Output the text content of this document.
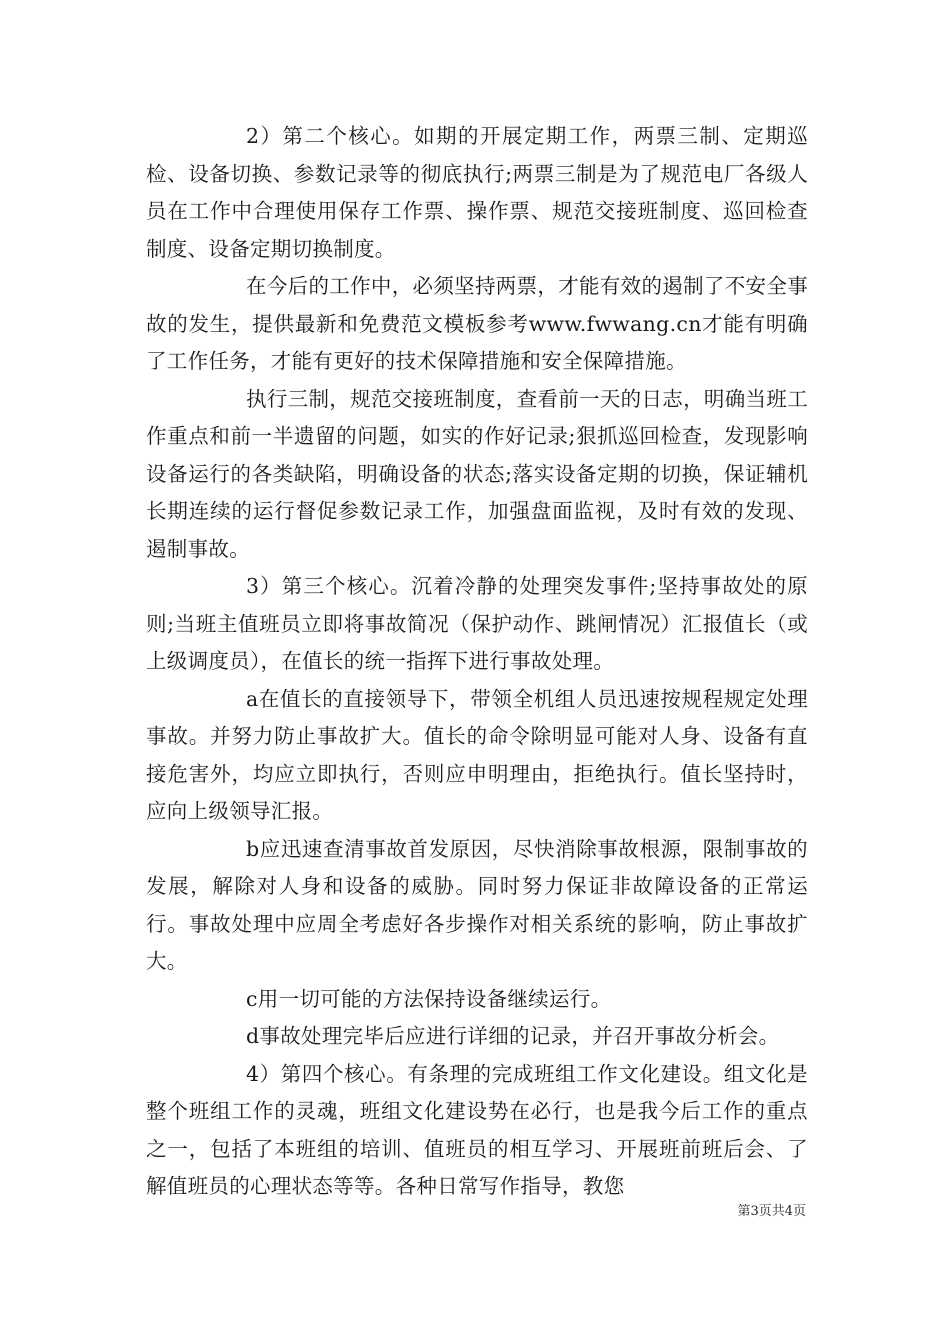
2）第二个核心。如期的开展定期工作，两票三制、定期巡检、设备切换、参数记录等的彻底执行;两票三制是为了规范电厂各级人员在工作中合理使用保存工作票、操作票、规范交接班制度、巡回检查制度、设备定期切换制度。

在今后的工作中，必须坚持两票，才能有效的遏制了不安全事故的发生，提供最新和免费范文模板参考www.fwwang.cn才能有明确了工作任务，才能有更好的技术保障措施和安全保障措施。

执行三制，规范交接班制度，查看前一天的日志，明确当班工作重点和前一半遗留的问题，如实的作好记录;狠抓巡回检查，发现影响设备运行的各类缺陷，明确设备的状态;落实设备定期的切换，保证辅机长期连续的运行督促参数记录工作，加强盘面监视，及时有效的发现、遏制事故。

3）第三个核心。沉着冷静的处理突发事件;坚持事故处的原则;当班主值班员立即将事故简况（保护动作、跳闸情况）汇报值长（或上级调度员），在值长的统一指挥下进行事故处理。

a在值长的直接领导下，带领全机组人员迅速按规程规定处理事故。并努力防止事故扩大。值长的命令除明显可能对人身、设备有直接危害外，均应立即执行，否则应申明理由，拒绝执行。值长坚持时，应向上级领导汇报。

b应迅速查清事故首发原因，尽快消除事故根源，限制事故的发展，解除对人身和设备的威胁。同时努力保证非故障设备的正常运行。事故处理中应周全考虑好各步操作对相关系统的影响，防止事故扩大。

c用一切可能的方法保持设备继续运行。

d事故处理完毕后应进行详细的记录，并召开事故分析会。

4）第四个核心。有条理的完成班组工作文化建设。组文化是整个班组工作的灵魂，班组文化建设势在必行，也是我今后工作的重点之一，包括了本班组的培训、值班员的相互学习、开展班前班后会、了解值班员的心理状态等等。各种日常写作指导，教您

第3页共4页
